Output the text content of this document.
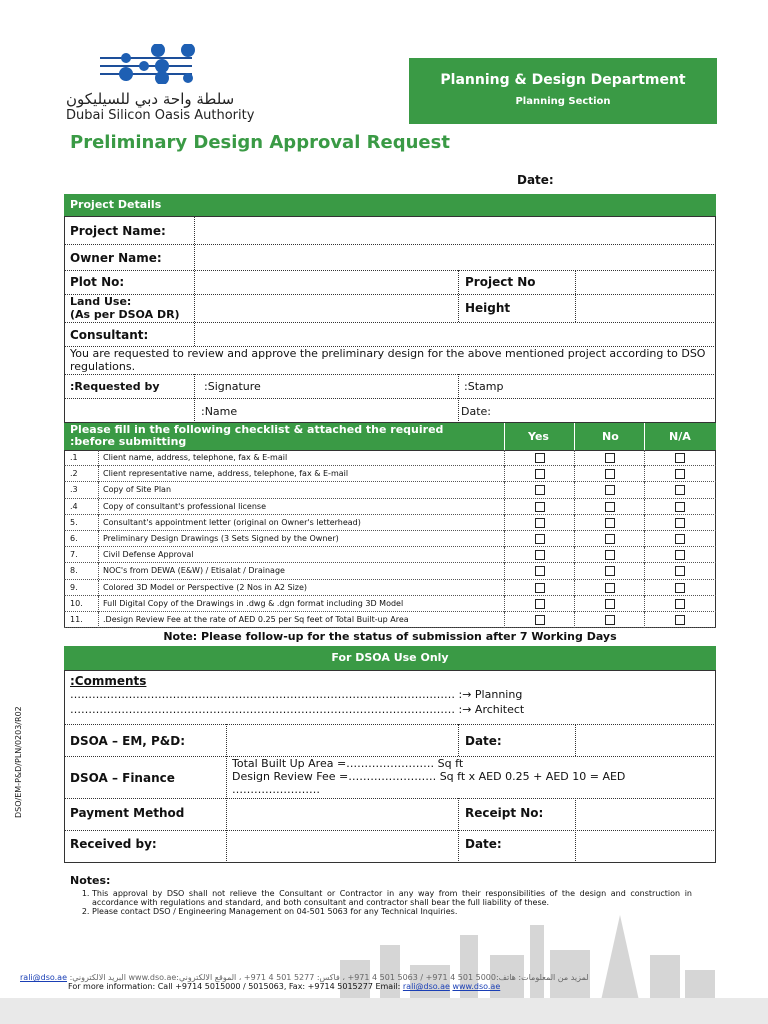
سلطة واحة دبي للسيليكون
Dubai Silicon Oasis Authority
Planning & Design Department
Planning Section
Preliminary Design Approval Request
Date:
Project Details
Project Name:
Owner Name:
Plot No:	Project No
Land Use:
(As per DSOA DR)	Height
Consultant:
You are requested to review and approve the preliminary design for the above mentioned project according to DSO regulations.
:Requested by	:Signature	:Stamp
:Name	Date:
Please fill in the following checklist & attached the required
:before submitting	Yes	No	N/A
.1	Client name, address, telephone, fax & E-mail
.2	Client representative name, address, telephone, fax & E-mail
.3	Copy of Site Plan
.4	Copy of consultant's professional license
5.	Consultant's appointment letter (original on Owner's letterhead)
6.	Preliminary Design Drawings (3 Sets Signed by the Owner)
7.	Civil Defense Approval
8.	NOC's from DEWA (E&W) / Etisalat / Drainage
9.	Colored 3D Model or Perspective (2 Nos in A2 Size)
10.	Full Digital Copy of the Drawings in .dwg & .dgn format including 3D Model
11.	.Design Review Fee at the rate of AED 0.25 per Sq feet of Total Built-up Area
Note: Please follow-up for the status of submission after 7 Working Days
For DSOA Use Only
:Comments
…………………………………………………………………………………………… :→ Planning
…………………………………………………………………………………………… :→ Architect
DSOA – EM, P&D:	Date:
DSOA – Finance
Total Built Up Area =…………………… Sq ft
Design Review Fee =…………………… Sq ft x AED 0.25 + AED 10 = AED
……………………
Payment Method	Receipt No:
Received by:	Date:
DSO/EM-P&D/PLN/0203/R02
Notes:
1. This approval by DSO shall not relieve the Consultant or Contractor in any way from their responsibilities of the design and construction in accordance with regulations and standard, and both consultant and contractor shall bear the full liability of these.
2. Please contact DSO / Engineering Management on 04-501 5063 for any Technical Inquiries.
rali@dso.ae لمزيد من المعلومات: هاتف:5000 501 4 971+ / 5063 501 4 971+ ، فاكس: 5277 501 4 971+ ، الموقع الالكتروني:www.dso.ae البريد الالكتروني:
For more information: Call +9714 5015000 / 5015063, Fax: +9714 5015277 Email: rali@dso.ae www.dso.ae
